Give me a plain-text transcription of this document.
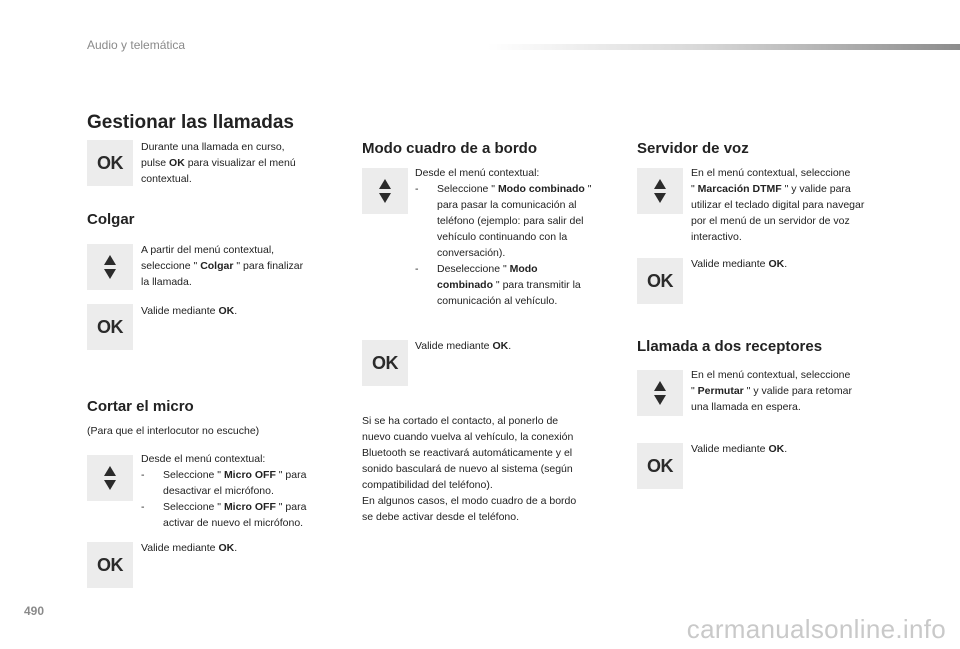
Audio y telemática
Gestionar las llamadas
OK
Durante una llamada en curso,
pulse OK para visualizar el menú
contextual.
Colgar
A partir del menú contextual,
seleccione " Colgar " para finalizar
la llamada.
OK
Valide mediante OK.
Cortar el micro
(Para que el interlocutor no escuche)
Desde el menú contextual:
-	Seleccione " Micro OFF " para
desactivar el micrófono.
-	Seleccione " Micro OFF " para
activar de nuevo el micrófono.
OK
Valide mediante OK.
Modo cuadro de a bordo
Desde el menú contextual:
-	Seleccione " Modo combinado "
para pasar la comunicación al
teléfono (ejemplo: para salir del
vehículo continuando con la
conversación).
-	Deseleccione " Modo
combinado " para transmitir la
comunicación al vehículo.
OK
Valide mediante OK.
Si se ha cortado el contacto, al ponerlo de
nuevo cuando vuelva al vehículo, la conexión
Bluetooth se reactivará automáticamente y el
sonido basculará de nuevo al sistema (según
compatibilidad del teléfono).
En algunos casos, el modo cuadro de a bordo
se debe activar desde el teléfono.
Servidor de voz
En el menú contextual, seleccione
" Marcación DTMF " y valide para
utilizar el teclado digital para navegar
por el menú de un servidor de voz
interactivo.
OK
Valide mediante OK.
Llamada a dos receptores
En el menú contextual, seleccione
" Permutar " y valide para retomar
una llamada en espera.
OK
Valide mediante OK.
490
carmanualsonline.info
